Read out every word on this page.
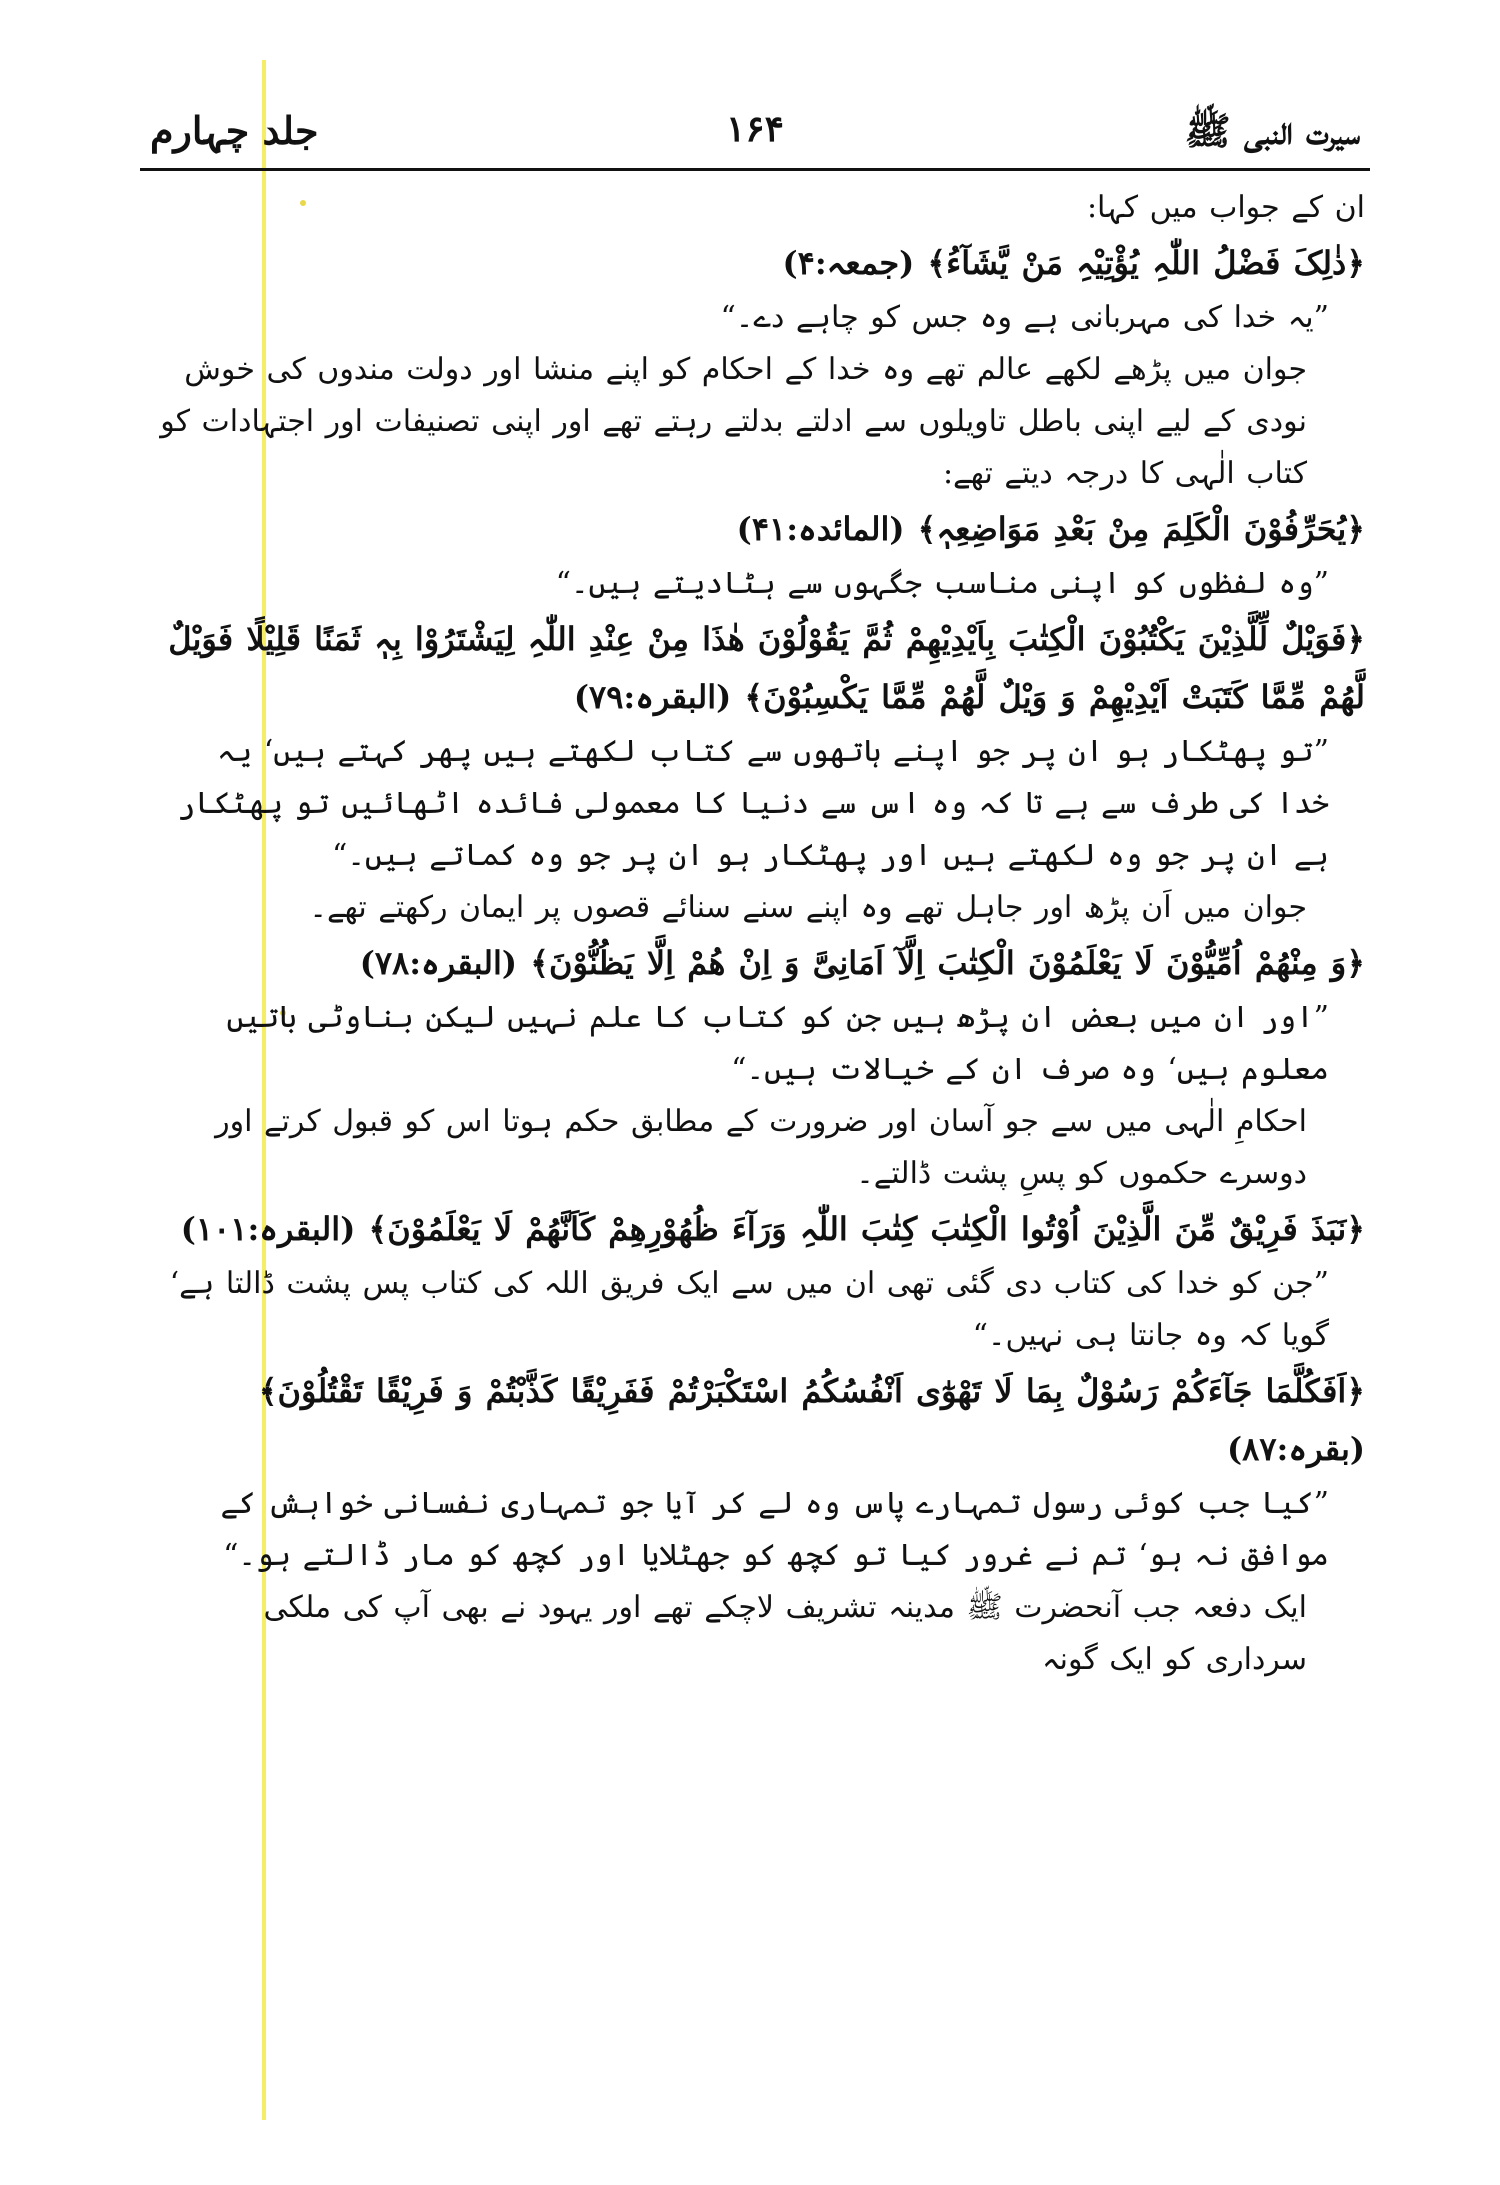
سیرت النبی ﷺ
۱۶۴
جلد چہارم

ان کے جواب میں کہا:

﴿ذٰلِکَ فَضْلُ اللّٰہِ یُؤْتِیْہِ مَنْ یَّشَآءُ﴾ (جمعہ:۴)

”یہ خدا کی مہربانی ہے وہ جس کو چاہے دے۔“

جوان میں پڑھے لکھے عالم تھے وہ خدا کے احکام کو اپنے منشا اور دولت مندوں کی خوش نودی کے لیے اپنی باطل تاویلوں سے ادلتے بدلتے رہتے تھے اور اپنی تصنیفات اور اجتہادات کو کتاب الٰہی کا درجہ دیتے تھے:

﴿یُحَرِّفُوْنَ الْکَلِمَ مِنْ بَعْدِ مَوَاضِعِہٖ﴾ (المائدہ:۴۱)

”وہ لفظوں کو اپنی مناسب جگہوں سے ہٹادیتے ہیں۔“

﴿فَوَیْلٌ لِّلَّذِیْنَ یَکْتُبُوْنَ الْکِتٰبَ بِاَیْدِیْھِمْ ثُمَّ یَقُوْلُوْنَ ھٰذَا مِنْ عِنْدِ اللّٰہِ لِیَشْتَرُوْا بِہٖ ثَمَنًا قَلِیْلًا فَوَیْلٌ لَّھُمْ مِّمَّا کَتَبَتْ اَیْدِیْھِمْ وَ وَیْلٌ لَّھُمْ مِّمَّا یَکْسِبُوْنَ﴾ (البقرہ:۷۹)

”تو پھٹکار ہو ان پر جو اپنے ہاتھوں سے کتاب لکھتے ہیں پھر کہتے ہیں‘ یہ خدا کی طرف سے ہے تا کہ وہ اس سے دنیا کا معمولی فائدہ اٹھائیں تو پھٹکار ہے ان پر جو وہ لکھتے ہیں اور پھٹکار ہو ان پر جو وہ کماتے ہیں۔“

جوان میں اَن پڑھ اور جاہل تھے وہ اپنے سنے سنائے قصوں پر ایمان رکھتے تھے۔

﴿وَ مِنْھُمْ اُمِّیُّوْنَ لَا یَعْلَمُوْنَ الْکِتٰبَ اِلَّآ اَمَانِیَّ وَ اِنْ ھُمْ اِلَّا یَظُنُّوْنَ﴾ (البقرہ:۷۸)

”اور ان میں بعض ان پڑھ ہیں جن کو کتاب کا علم نہیں لیکن بناوٹی باتیں معلوم ہیں‘ وہ صرف ان کے خیالات ہیں۔“

احکامِ الٰہی میں سے جو آسان اور ضرورت کے مطابق حکم ہوتا اس کو قبول کرتے اور دوسرے حکموں کو پسِ پشت ڈالتے۔

﴿نَبَذَ فَرِیْقٌ مِّنَ الَّذِیْنَ اُوْتُوا الْکِتٰبَ کِتٰبَ اللّٰہِ وَرَآءَ ظُھُوْرِھِمْ کَاَنَّھُمْ لَا یَعْلَمُوْنَ﴾ (البقرہ:۱۰۱)

”جن کو خدا کی کتاب دی گئی تھی ان میں سے ایک فریق اللہ کی کتاب پس پشت ڈالتا ہے‘ گویا کہ وہ جانتا ہی نہیں۔“

﴿اَفَکُلَّمَا جَآءَکُمْ رَسُوْلٌ بِمَا لَا تَھْوٰٓی اَنْفُسُکُمُ اسْتَکْبَرْتُمْ فَفَرِیْقًا کَذَّبْتُمْ وَ فَرِیْقًا تَقْتُلُوْنَ﴾ (بقرہ:۸۷)

”کیا جب کوئی رسول تمہارے پاس وہ لے کر آیا جو تمہاری نفسانی خواہش کے موافق نہ ہو‘ تم نے غرور کیا تو کچھ کو جھٹلایا اور کچھ کو مار ڈالتے ہو۔“

ایک دفعہ جب آنحضرت ﷺ مدینہ تشریف لاچکے تھے اور یہود نے بھی آپ کی ملکی سرداری کو ایک گونہ
